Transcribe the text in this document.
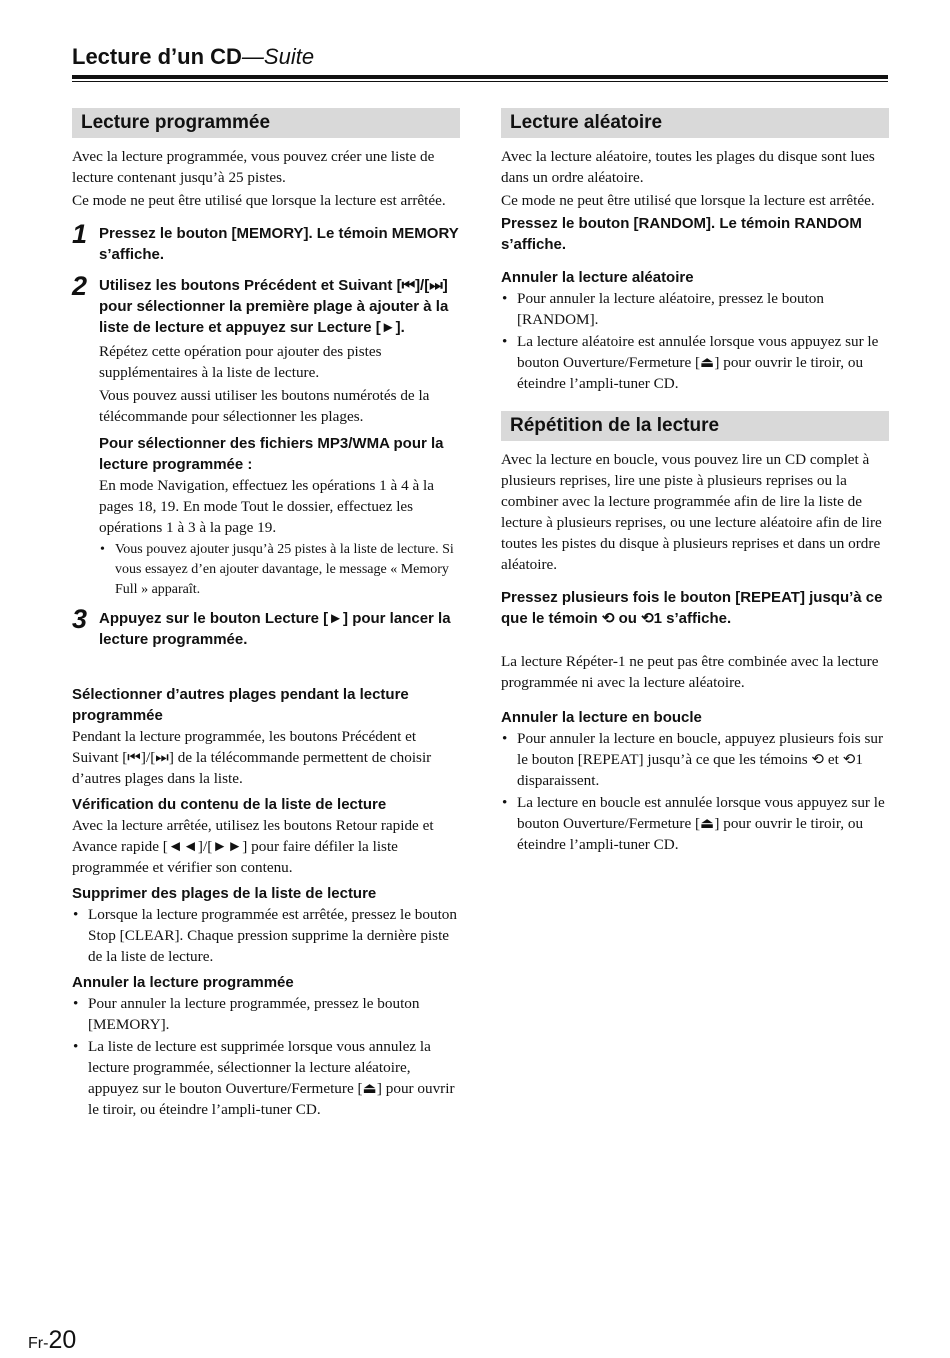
Lecture d’un CD—Suite
Lecture programmée

Avec la lecture programmée, vous pouvez créer une liste de lecture contenant jusqu’à 25 pistes.

Ce mode ne peut être utilisé que lorsque la lecture est arrêtée.

1 Pressez le bouton [MEMORY]. Le témoin MEMORY s’affiche.

2 Utilisez les boutons Précédent et Suivant [⏮]/[⏭] pour sélectionner la première plage à ajouter à la liste de lecture et appuyez sur Lecture [►].

Répétez cette opération pour ajouter des pistes supplémentaires à la liste de lecture.

Vous pouvez aussi utiliser les boutons numérotés de la télécommande pour sélectionner les plages.

Pour sélectionner des fichiers MP3/WMA pour la lecture programmée :

En mode Navigation, effectuez les opérations 1 à 4 à la pages 18, 19. En mode Tout le dossier, effectuez les opérations 1 à 3 à la page 19.

• Vous pouvez ajouter jusqu’à 25 pistes à la liste de lecture. Si vous essayez d’en ajouter davantage, le message « Memory Full » apparaît.
3 Appuyez sur le bouton Lecture [►] pour lancer la lecture programmée.

Sélectionner d’autres plages pendant la lecture programmée

Pendant la lecture programmée, les boutons Précédent et Suivant [⏮]/[⏭] de la télécommande permettent de choisir d’autres plages dans la liste.

Vérification du contenu de la liste de lecture

Avec la lecture arrêtée, utilisez les boutons Retour rapide et Avance rapide [◄◄]/[►►] pour faire défiler la liste programmée et vérifier son contenu.

Supprimer des plages de la liste de lecture

• Lorsque la lecture programmée est arrêtée, pressez le bouton Stop [CLEAR]. Chaque pression supprime la dernière piste de la liste de lecture.

Annuler la lecture programmée

• Pour annuler la lecture programmée, pressez le bouton [MEMORY].
• La liste de lecture est supprimée lorsque vous annulez la lecture programmée, sélectionner la lecture aléatoire, appuyez sur le bouton Ouverture/Fermeture [⏏] pour ouvrir le tiroir, ou éteindre l’ampli-tuner CD.
Lecture aléatoire

Avec la lecture aléatoire, toutes les plages du disque sont lues dans un ordre aléatoire.

Ce mode ne peut être utilisé que lorsque la lecture est arrêtée.

Pressez le bouton [RANDOM]. Le témoin RANDOM s’affiche.

Annuler la lecture aléatoire

• Pour annuler la lecture aléatoire, pressez le bouton [RANDOM].
• La lecture aléatoire est annulée lorsque vous appuyez sur le bouton Ouverture/Fermeture [⏏] pour ouvrir le tiroir, ou éteindre l’ampli-tuner CD.
Répétition de la lecture

Avec la lecture en boucle, vous pouvez lire un CD complet à plusieurs reprises, lire une piste à plusieurs reprises ou la combiner avec la lecture programmée afin de lire la liste de lecture à plusieurs reprises, ou une lecture aléatoire afin de lire toutes les pistes du disque à plusieurs reprises et dans un ordre aléatoire.

Pressez plusieurs fois le bouton [REPEAT] jusqu’à ce que le témoin ⟲ ou ⟲1 s’affiche.

La lecture Répéter-1 ne peut pas être combinée avec la lecture programmée ni avec la lecture aléatoire.

Annuler la lecture en boucle

• Pour annuler la lecture en boucle, appuyez plusieurs fois sur le bouton [REPEAT] jusqu’à ce que les témoins ⟲ et ⟲1 disparaissent.
• La lecture en boucle est annulée lorsque vous appuyez sur le bouton Ouverture/Fermeture [⏏] pour ouvrir le tiroir, ou éteindre l’ampli-tuner CD.
Fr-20
